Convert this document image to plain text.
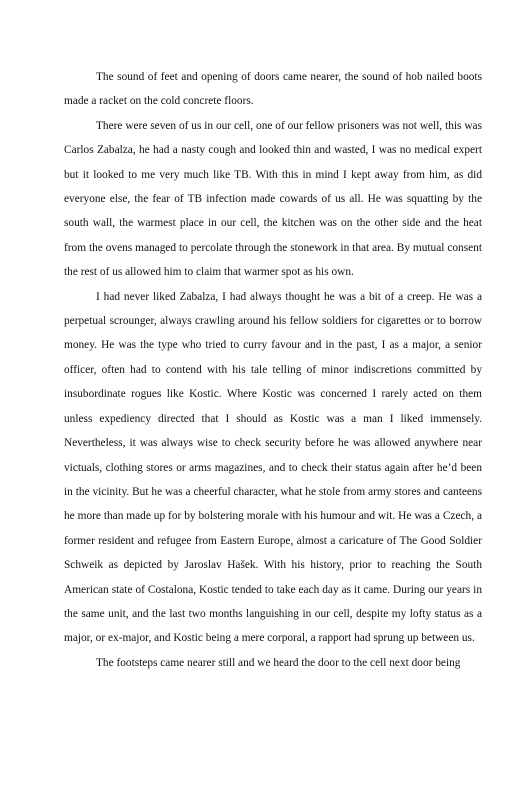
The sound of feet and opening of doors came nearer, the sound of hob nailed boots made a racket on the cold concrete floors.

There were seven of us in our cell, one of our fellow prisoners was not well, this was Carlos Zabalza, he had a nasty cough and looked thin and wasted, I was no medical expert but it looked to me very much like TB. With this in mind I kept away from him, as did everyone else, the fear of TB infection made cowards of us all. He was squatting by the south wall, the warmest place in our cell, the kitchen was on the other side and the heat from the ovens managed to percolate through the stonework in that area. By mutual consent the rest of us allowed him to claim that warmer spot as his own.

I had never liked Zabalza, I had always thought he was a bit of a creep. He was a perpetual scrounger, always crawling around his fellow soldiers for cigarettes or to borrow money. He was the type who tried to curry favour and in the past, I as a major, a senior officer, often had to contend with his tale telling of minor indiscretions committed by insubordinate rogues like Kostic. Where Kostic was concerned I rarely acted on them unless expediency directed that I should as Kostic was a man I liked immensely. Nevertheless, it was always wise to check security before he was allowed anywhere near victuals, clothing stores or arms magazines, and to check their status again after he’d been in the vicinity. But he was a cheerful character, what he stole from army stores and canteens he more than made up for by bolstering morale with his humour and wit. He was a Czech, a former resident and refugee from Eastern Europe, almost a caricature of The Good Soldier Schweik as depicted by Jaroslav Hašek. With his history, prior to reaching the South American state of Costalona, Kostic tended to take each day as it came. During our years in the same unit, and the last two months languishing in our cell, despite my lofty status as a major, or ex-major, and Kostic being a mere corporal, a rapport had sprung up between us.

The footsteps came nearer still and we heard the door to the cell next door being
